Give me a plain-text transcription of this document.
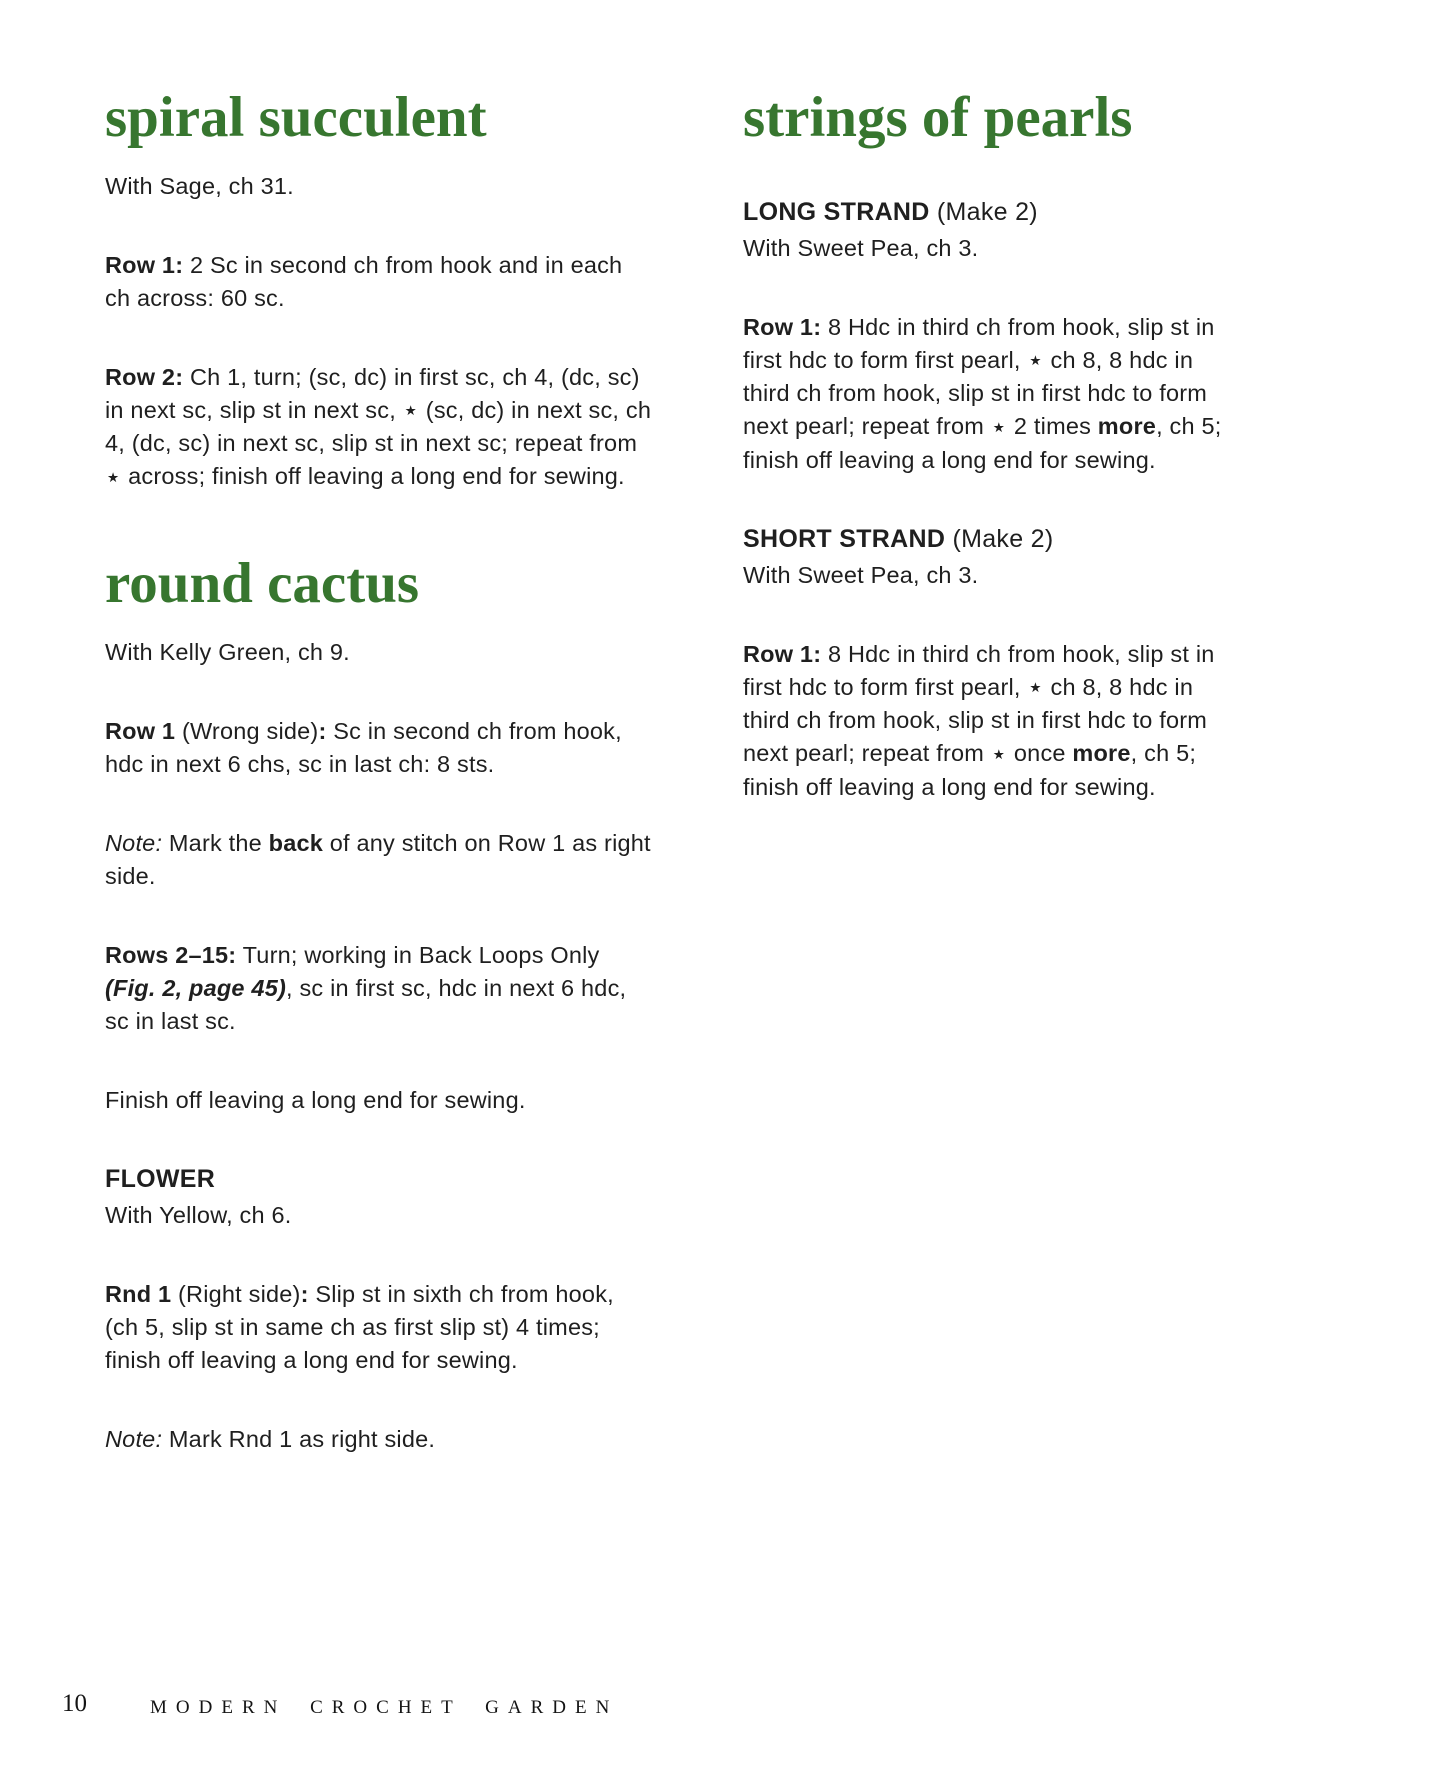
spiral succulent

With Sage, ch 31.

Row 1: 2 Sc in second ch from hook and in each ch across: 60 sc.

Row 2: Ch 1, turn; (sc, dc) in first sc, ch 4, (dc, sc) in next sc, slip st in next sc, ★ (sc, dc) in next sc, ch 4, (dc, sc) in next sc, slip st in next sc; repeat from ★ across; finish off leaving a long end for sewing.

round cactus

With Kelly Green, ch 9.

Row 1 (Wrong side): Sc in second ch from hook, hdc in next 6 chs, sc in last ch: 8 sts.

Note: Mark the back of any stitch on Row 1 as right side.

Rows 2–15: Turn; working in Back Loops Only (Fig. 2, page 45), sc in first sc, hdc in next 6 hdc, sc in last sc.

Finish off leaving a long end for sewing.

FLOWER

With Yellow, ch 6.

Rnd 1 (Right side): Slip st in sixth ch from hook, (ch 5, slip st in same ch as first slip st) 4 times; finish off leaving a long end for sewing.

Note: Mark Rnd 1 as right side.

strings of pearls

LONG STRAND (Make 2)

With Sweet Pea, ch 3.

Row 1: 8 Hdc in third ch from hook, slip st in first hdc to form first pearl, ★ ch 8, 8 hdc in third ch from hook, slip st in first hdc to form next pearl; repeat from ★ 2 times more, ch 5; finish off leaving a long end for sewing.

SHORT STRAND (Make 2)

With Sweet Pea, ch 3.

Row 1: 8 Hdc in third ch from hook, slip st in first hdc to form first pearl, ★ ch 8, 8 hdc in third ch from hook, slip st in first hdc to form next pearl; repeat from ★ once more, ch 5; finish off leaving a long end for sewing.

10	MODERN CROCHET GARDEN
